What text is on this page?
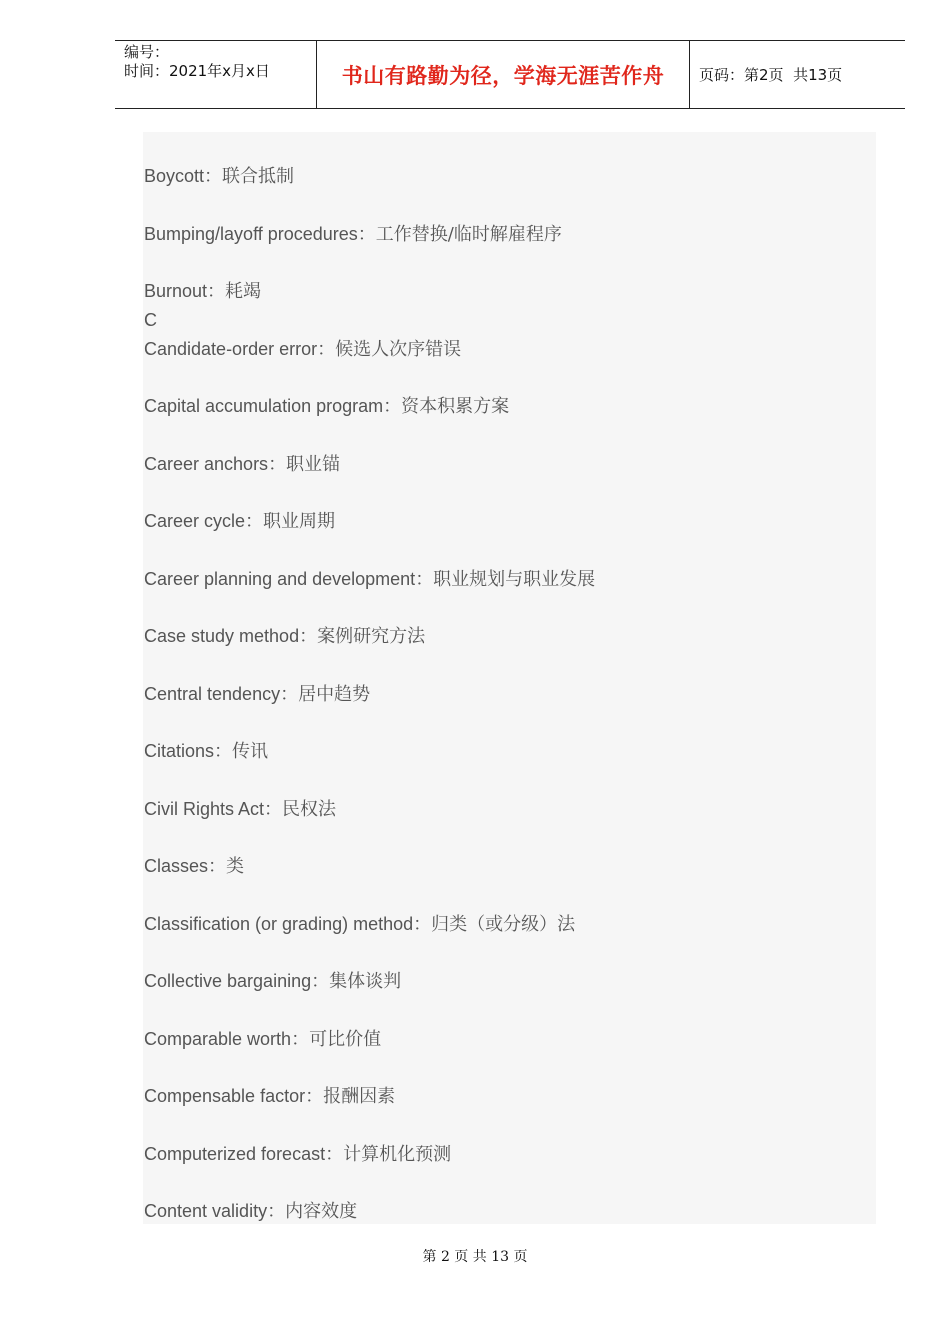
编号：
时间：2021年x月x日	书山有路勤为径，学海无涯苦作舟	页码：第2页  共13页
Boycott：联合抵制
Bumping/layoff procedures：工作替换/临时解雇程序
Burnout：耗竭
C
Candidate-order error：候选人次序错误
Capital accumulation program：资本积累方案
Career anchors：职业锚
Career cycle：职业周期
Career planning and development：职业规划与职业发展
Case study method：案例研究方法
Central tendency：居中趋势
Citations：传讯
Civil Rights Act：民权法
Classes：类
Classification (or grading) method：归类（或分级）法
Collective bargaining：集体谈判
Comparable worth：可比价值
Compensable factor：报酬因素
Computerized forecast：计算机化预测
Content validity：内容效度
第 2 页 共 13 页
